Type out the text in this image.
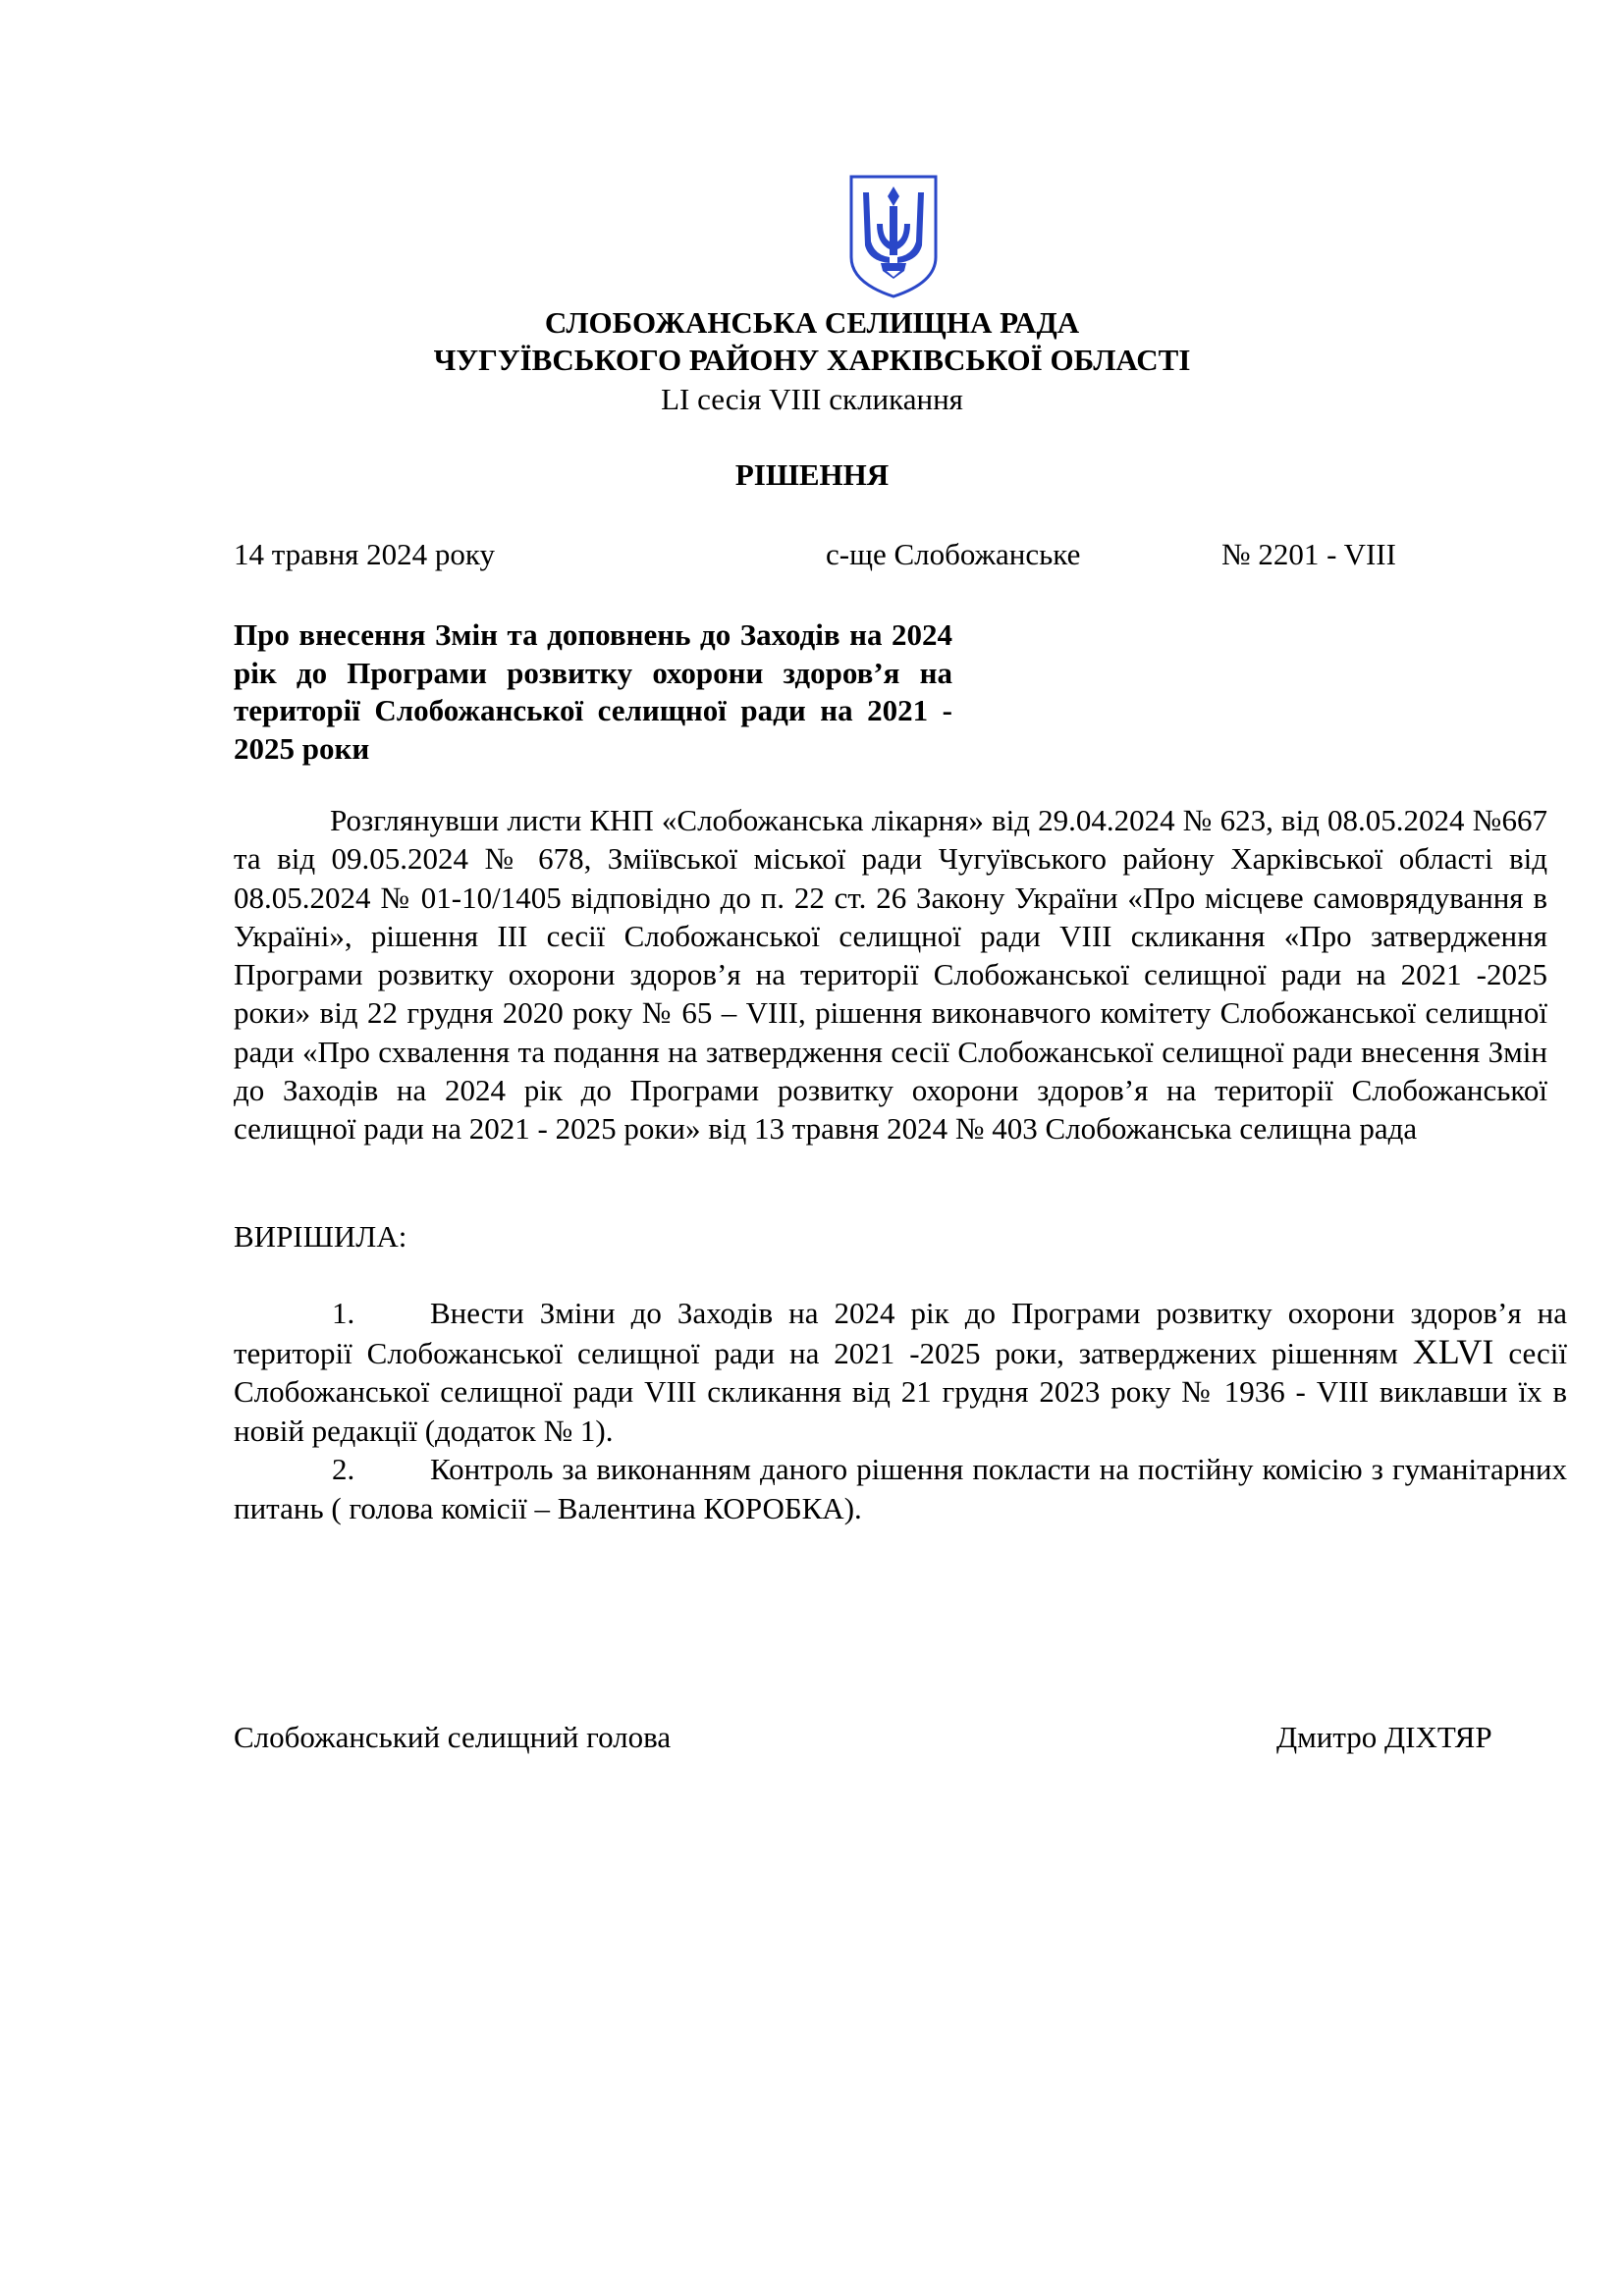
СЛОБОЖАНСЬКА СЕЛИЩНА РАДА

ЧУГУЇВСЬКОГО РАЙОНУ ХАРКІВСЬКОЇ ОБЛАСТІ

LI сесія VIII скликання

РІШЕННЯ

14 травня 2024 року	с-ще Слобожанське	№ 2201 - VIII
Про внесення Змін та доповнень до Заходів на 2024 рік до Програми розвитку охорони здоров’я на території Слобожанської селищної ради на 2021 - 2025 роки
Розглянувши листи КНП «Слобожанська лікарня» від 29.04.2024 № 623, від 08.05.2024 №667 та від 09.05.2024 № 678, Зміївської міської ради Чугуївського району Харківської області від 08.05.2024 № 01-10/1405 відповідно до п. 22 ст. 26 Закону України «Про місцеве самоврядування в Україні», рішення ІІІ сесії Слобожанської селищної ради VIII скликання «Про затвердження Програми розвитку охорони здоров’я на території Слобожанської селищної ради на 2021 -2025 роки» від 22 грудня 2020 року № 65 – VIII, рішення виконавчого комітету Слобожанської селищної ради «Про схвалення та подання на затвердження сесії Слобожанської селищної ради внесення Змін до Заходів на 2024 рік до Програми розвитку охорони здоров’я на території Слобожанської селищної ради на 2021 - 2025 роки» від 13 травня 2024 № 403 Слобожанська селищна рада
ВИРІШИЛА:

1. Внести Зміни до Заходів на 2024 рік до Програми розвитку охорони здоров’я на території Слобожанської селищної ради на 2021 -2025 роки, затверджених рішенням XLVI сесії Слобожанської селищної ради VIII скликання від 21 грудня 2023 року № 1936 - VIII виклавши їх в новій редакції (додаток № 1).

2. Контроль за виконанням даного рішення покласти на постійну комісію з гуманітарних питань ( голова комісії – Валентина КОРОБКА).

Слобожанський селищний голова	Дмитро ДІХТЯР
